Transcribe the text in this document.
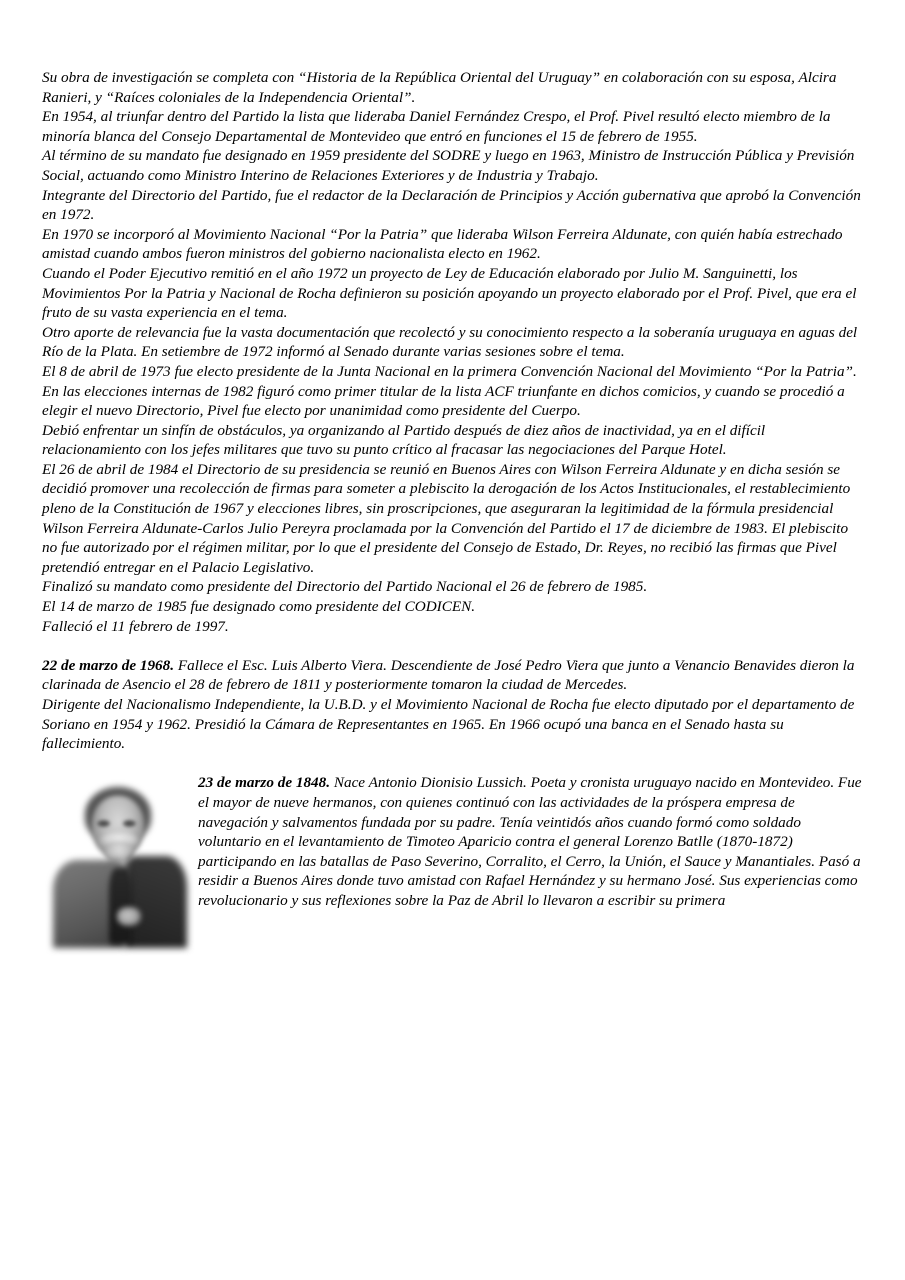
Su obra de investigación se completa con “Historia de la República Oriental del Uruguay” en colaboración con su esposa, Alcira Ranieri, y “Raíces coloniales de la Independencia Oriental”.

En 1954, al triunfar dentro del Partido la lista que lideraba Daniel Fernández Crespo, el Prof. Pivel resultó electo miembro de la minoría blanca del Consejo Departamental de Montevideo que entró en funciones el 15 de febrero de 1955.

Al término de su mandato fue designado en 1959 presidente del SODRE y luego en 1963, Ministro de Instrucción Pública y Previsión Social, actuando como Ministro Interino de Relaciones Exteriores y de Industria y Trabajo.

Integrante del Directorio del Partido, fue el redactor de la Declaración de Principios y Acción gubernativa que aprobó la Convención en 1972.

En 1970 se incorporó al Movimiento Nacional “Por la Patria” que lideraba Wilson Ferreira Aldunate, con quién había estrechado amistad cuando ambos fueron ministros del gobierno nacionalista electo en 1962.

Cuando el Poder Ejecutivo remitió en el año 1972 un proyecto de Ley de Educación elaborado por Julio M. Sanguinetti, los Movimientos Por la Patria y Nacional de Rocha definieron su posición apoyando un proyecto elaborado por el Prof. Pivel, que era el fruto de su vasta experiencia en el tema.

Otro aporte de relevancia fue la vasta documentación que recolectó y su conocimiento respecto a la soberanía uruguaya en aguas del Río de la Plata. En setiembre de 1972 informó al Senado durante varias sesiones sobre el tema.

El 8 de abril de 1973 fue electo presidente de la Junta Nacional en la primera Convención Nacional del Movimiento “Por la Patria”.

En las elecciones internas de 1982 figuró como primer titular de la lista ACF triunfante en dichos comicios, y cuando se procedió a elegir el nuevo Directorio, Pivel fue electo por unanimidad como presidente del Cuerpo.

Debió enfrentar un sinfín de obstáculos, ya organizando al Partido después de diez años de inactividad, ya en el difícil relacionamiento con los jefes militares que tuvo su punto crítico al fracasar las negociaciones del Parque Hotel.

El 26 de abril de 1984 el Directorio de su presidencia se reunió en Buenos Aires con Wilson Ferreira Aldunate y en dicha sesión se decidió promover una recolección de firmas para someter a plebiscito la derogación de los Actos Institucionales, el restablecimiento pleno de la Constitución de 1967 y elecciones libres, sin proscripciones, que aseguraran la legitimidad de la fórmula presidencial Wilson Ferreira Aldunate-Carlos Julio Pereyra proclamada por la Convención del Partido el 17 de diciembre de 1983. El plebiscito no fue autorizado por el régimen militar, por lo que el presidente del Consejo de Estado, Dr. Reyes, no recibió las firmas que Pivel pretendió entregar en el Palacio Legislativo.

Finalizó su mandato como presidente del Directorio del Partido Nacional el 26 de febrero de 1985.

El 14 de marzo de 1985 fue designado como presidente del CODICEN.

Falleció el 11 febrero de 1997.

22 de marzo de 1968. Fallece el Esc. Luis Alberto Viera. Descendiente de José Pedro Viera que junto a Venancio Benavides dieron la clarinada de Asencio el 28 de febrero de 1811 y posteriormente tomaron la ciudad de Mercedes.

Dirigente del Nacionalismo Independiente, la U.B.D. y el Movimiento Nacional de Rocha fue electo diputado por el departamento de Soriano en 1954 y 1962. Presidió la Cámara de Representantes en 1965. En 1966 ocupó una banca en el Senado hasta su fallecimiento.

23 de marzo de 1848.
Nace Antonio Dionisio Lussich. Poeta y cronista uruguayo nacido en Montevideo. Fue el mayor de nueve hermanos, con quienes continuó con las actividades de la próspera empresa de navegación y salvamentos fundada por su padre. Tenía veintidós años cuando formó como soldado voluntario en el levantamiento de Timoteo Aparicio contra el general Lorenzo Batlle (1870-1872) participando en las batallas de Paso Severino, Corralito, el Cerro, la Unión, el Sauce y Manantiales. Pasó a residir a Buenos Aires donde tuvo amistad con Rafael Hernández y su hermano José. Sus experiencias como revolucionario y sus reflexiones sobre la Paz de Abril lo llevaron a escribir su primera
